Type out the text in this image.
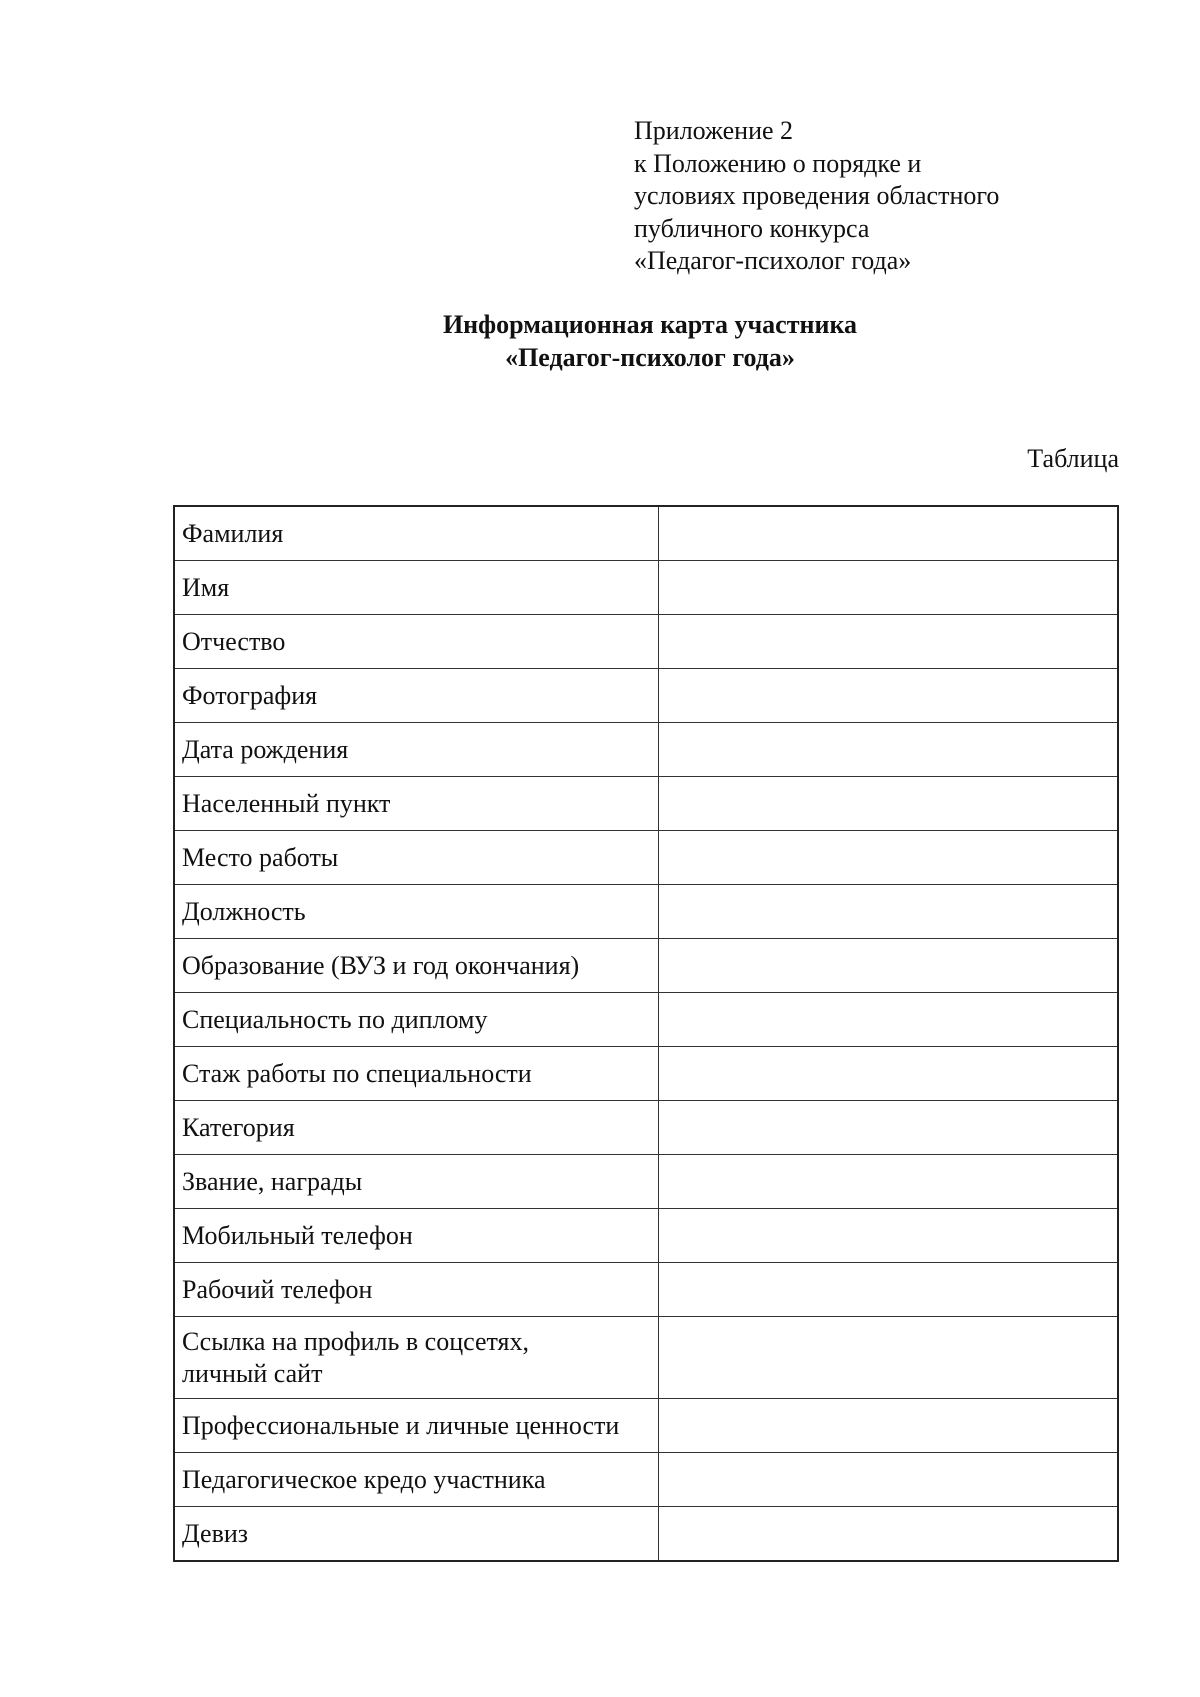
Приложение 2
к Положению о порядке и
условиях проведения областного
публичного конкурса
«Педагог-психолог года»
Информационная карта участника
«Педагог-психолог года»
Таблица
Фамилия	
Имя	
Отчество	
Фотография	
Дата рождения	
Населенный пункт	
Место работы	
Должность	
Образование (ВУЗ и год окончания)	
Специальность по диплому	
Стаж работы по специальности	
Категория	
Звание, награды	
Мобильный телефон	
Рабочий телефон	

Ссылка на профиль в соцсетях,
личный сайт	

Профессиональные и личные ценности	
Педагогическое кредо участника	
Девиз	
